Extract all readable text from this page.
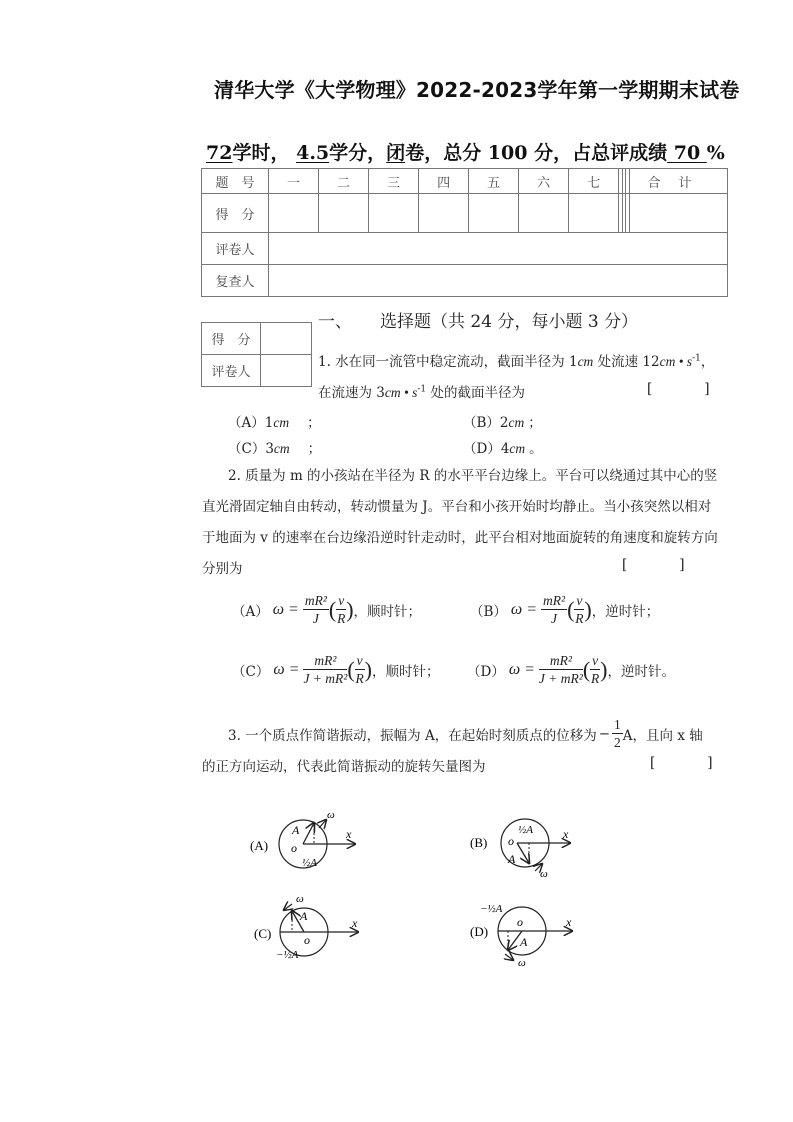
清华大学《大学物理》2022-2023学年第一学期期末试卷
72学时， 4.5学分，闭卷，总分 100 分，占总评成绩 70 %
题　号	一	二	三	四	五	六	七				合计
得　分											
评卷人											
复查人											
得　分	
评卷人	
一、 选择题（共 24 分，每小题 3 分）
1. 水在同一流管中稳定流动，截面半径为 1cm 处流速 12cm • $s^{-1}$，
在流速为 3cm • $s^{-1}$ 处的截面半径为	[	]
（A）1cm ；	（B）2cm ；
（C）3cm ；	（D）4cm 。
2. 质量为 m 的小孩站在半径为 R 的水平平台边缘上。平台可以绕通过其中心的竖
直光滑固定轴自由转动，转动惯量为 J。平台和小孩开始时均静止。当小孩突然以相对
于地面为 v 的速率在台边缘沿逆时针走动时，此平台相对地面旋转的角速度和旋转方向
分别为	[	]
（A） $\omega = \frac{\text{mR²}}{J}$ ( $\frac{v}{R}$ ) ，顺时针；	（B） $\omega = \frac{\text{mR²}}{J}$ ( $\frac{v}{R}$ ) ，逆时针；
（C） $\omega = \frac{\text{mR²}}{\text{J + mR²}}$ ( $\frac{v}{R}$ ) ，顺时针； （D） $\omega = \frac{\text{mR²}}{\text{J + mR²}}$ ( $\frac{v}{R}$ ) ，逆时针。
3. 一个质点作简谐振动，振幅为 A，在起始时刻质点的位移为 − $\frac{1}{2}$ A，且向 x 轴
的正方向运动，代表此简谐振动的旋转矢量图为	[	]
(A)
x
ω
A
o
½A
(B)
x
ω
A
o
½A
(C)
x
ω
A
o
−½A
(D)
x
ω
A
o
−½A
